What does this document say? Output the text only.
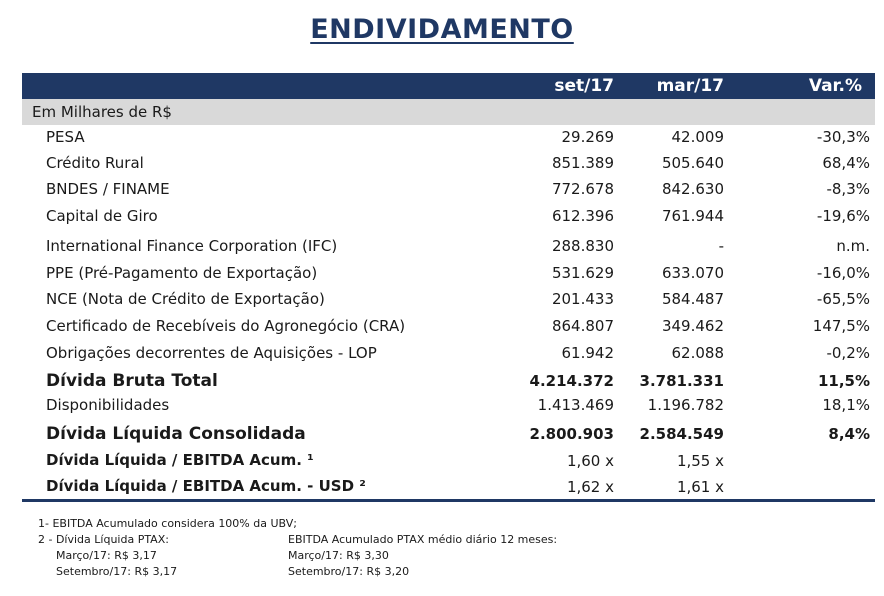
ENDIVIDAMENTO
set/17	mar/17	Var.%
Em Milhares de R$
PESA	29.269	42.009	-30,3%
Crédito Rural	851.389	505.640	68,4%
BNDES / FINAME	772.678	842.630	-8,3%
Capital de Giro	612.396	761.944	-19,6%
International Finance Corporation (IFC)	288.830	-	n.m.
PPE (Pré-Pagamento de Exportação)	531.629	633.070	-16,0%
NCE (Nota de Crédito de Exportação)	201.433	584.487	-65,5%
Certificado de Recebíveis do Agronegócio (CRA)	864.807	349.462	147,5%
Obrigações decorrentes de Aquisições - LOP	61.942	62.088	-0,2%
Dívida Bruta Total	4.214.372 3.781.331	11,5%
Disponibilidades	1.413.469 1.196.782	18,1%
Dívida Líquida Consolidada	2.800.903 2.584.549	8,4%
Dívida Líquida / EBITDA Acum. ¹	1,60 x	1,55 x
Dívida Líquida / EBITDA Acum. - USD ²	1,62 x	1,61 x
1- EBITDA Acumulado considera 100% da UBV;
2 - Dívida Líquida PTAX:
Março/17: R$ 3,17
Setembro/17: R$ 3,17
EBITDA Acumulado PTAX médio diário 12 meses:
Março/17: R$ 3,30
Setembro/17: R$ 3,20
